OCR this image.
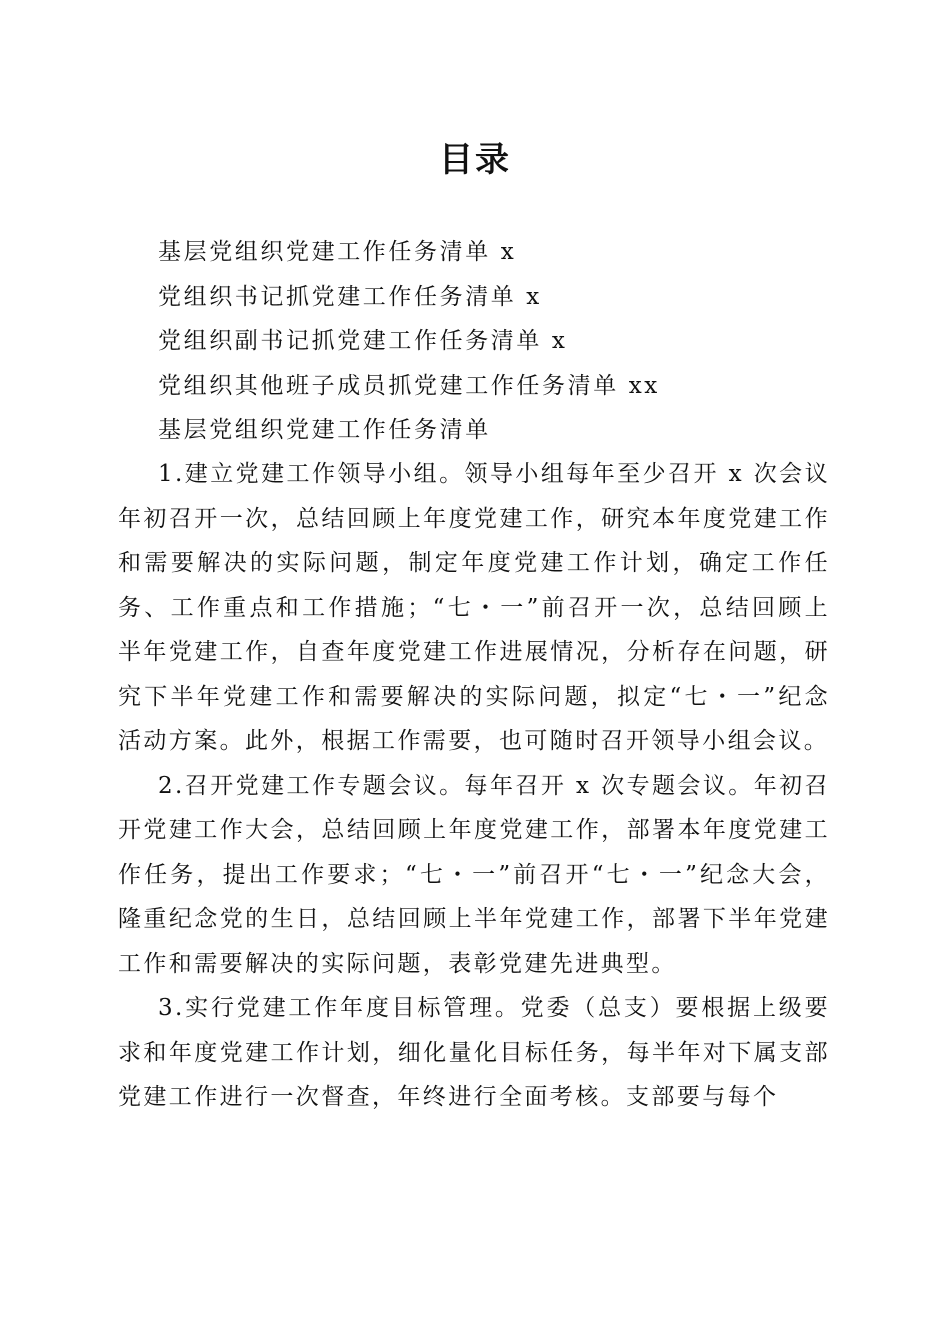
目录
基层党组织党建工作任务清单 x
党组织书记抓党建工作任务清单 x
党组织副书记抓党建工作任务清单 x
党组织其他班子成员抓党建工作任务清单 xx
基层党组织党建工作任务清单

1.建立党建工作领导小组。领导小组每年至少召开 x 次会议年初召开一次，总结回顾上年度党建工作，研究本年度党建工作和需要解决的实际问题，制定年度党建工作计划，确定工作任务、工作重点和工作措施；“七・一”前召开一次，总结回顾上半年党建工作，自查年度党建工作进展情况，分析存在问题，研究下半年党建工作和需要解决的实际问题，拟定“七・一”纪念活动方案。此外，根据工作需要，也可随时召开领导小组会议。

2.召开党建工作专题会议。每年召开 x 次专题会议。年初召开党建工作大会，总结回顾上年度党建工作，部署本年度党建工作任务，提出工作要求；“七・一”前召开“七・一”纪念大会，隆重纪念党的生日，总结回顾上半年党建工作，部署下半年党建工作和需要解决的实际问题，表彰党建先进典型。

3.实行党建工作年度目标管理。党委（总支）要根据上级要求和年度党建工作计划，细化量化目标任务，每半年对下属支部党建工作进行一次督查，年终进行全面考核。支部要与每个
